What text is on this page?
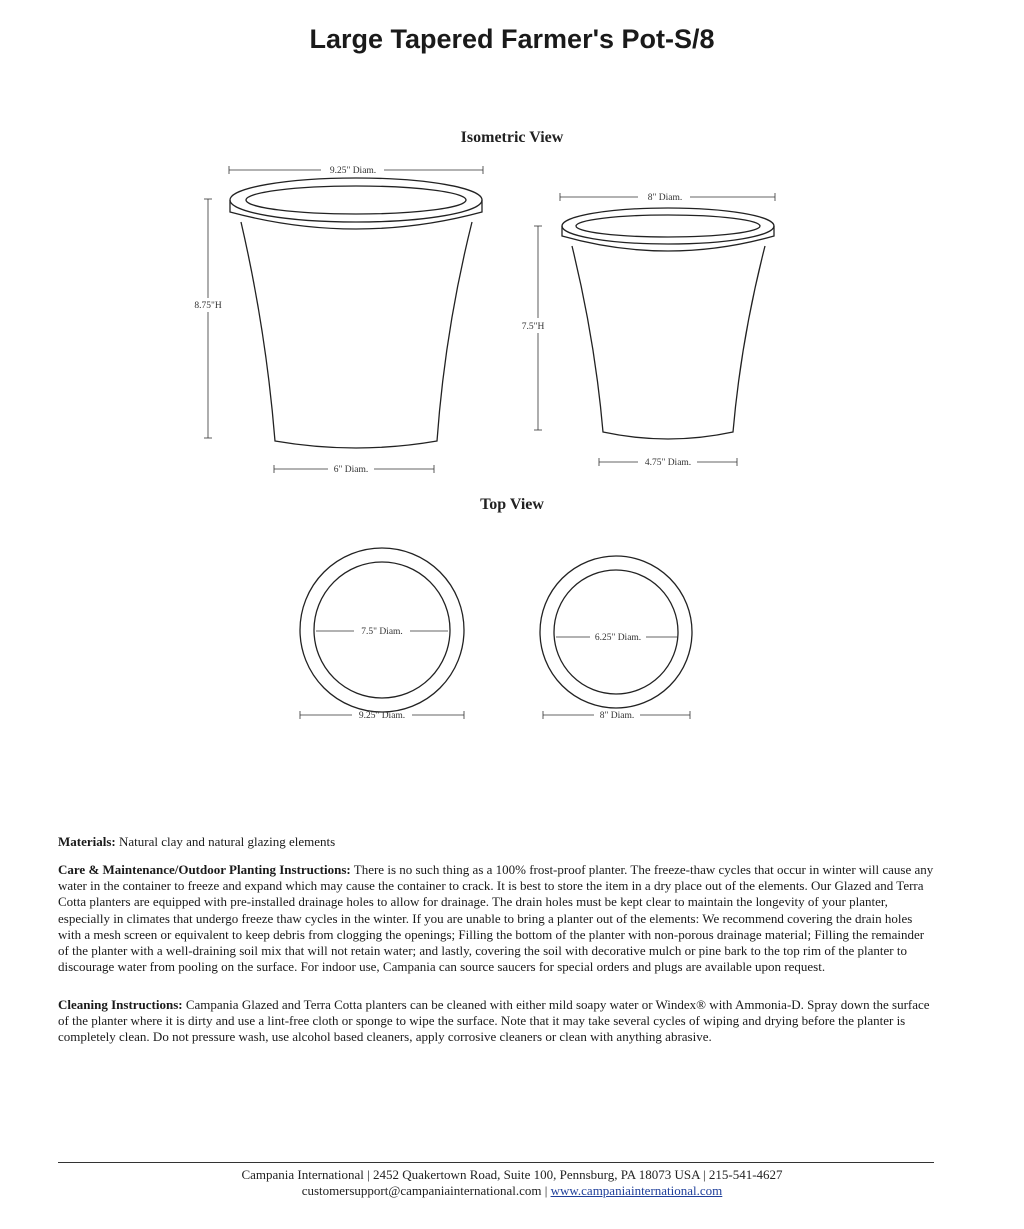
Large Tapered Farmer's Pot-S/8
Isometric View
Top View
9.25" Diam.
8.75"H
6" Diam.
8" Diam.
7.5"H
4.75" Diam.
7.5" Diam.
9.25" Diam.
6.25" Diam.
8" Diam.
Materials: Natural clay and natural glazing elements
Care & Maintenance/Outdoor Planting Instructions: There is no such thing as a 100% frost-proof planter. The freeze-thaw cycles that occur in winter will cause any water in the container to freeze and expand which may cause the container to crack. It is best to store the item in a dry place out of the elements. Our Glazed and Terra Cotta planters are equipped with pre-installed drainage holes to allow for drainage. The drain holes must be kept clear to maintain the longevity of your planter, especially in climates that undergo freeze thaw cycles in the winter. If you are unable to bring a planter out of the elements: We recommend covering the drain holes with a mesh screen or equivalent to keep debris from clogging the openings; Filling the bottom of the planter with non-porous drainage material; Filling the remainder of the planter with a well-draining soil mix that will not retain water; and lastly, covering the soil with decorative mulch or pine bark to the top rim of the planter to discourage water from pooling on the surface. For indoor use, Campania can source saucers for special orders and plugs are available upon request.
Cleaning Instructions: Campania Glazed and Terra Cotta planters can be cleaned with either mild soapy water or Windex® with Ammonia-D. Spray down the surface of the planter where it is dirty and use a lint-free cloth or sponge to wipe the surface. Note that it may take several cycles of wiping and drying before the planter is completely clean. Do not pressure wash, use alcohol based cleaners, apply corrosive cleaners or clean with anything abrasive.
Campania International | 2452 Quakertown Road, Suite 100, Pennsburg, PA 18073 USA | 215-541-4627
customersupport@campaniainternational.com | www.campaniainternational.com
